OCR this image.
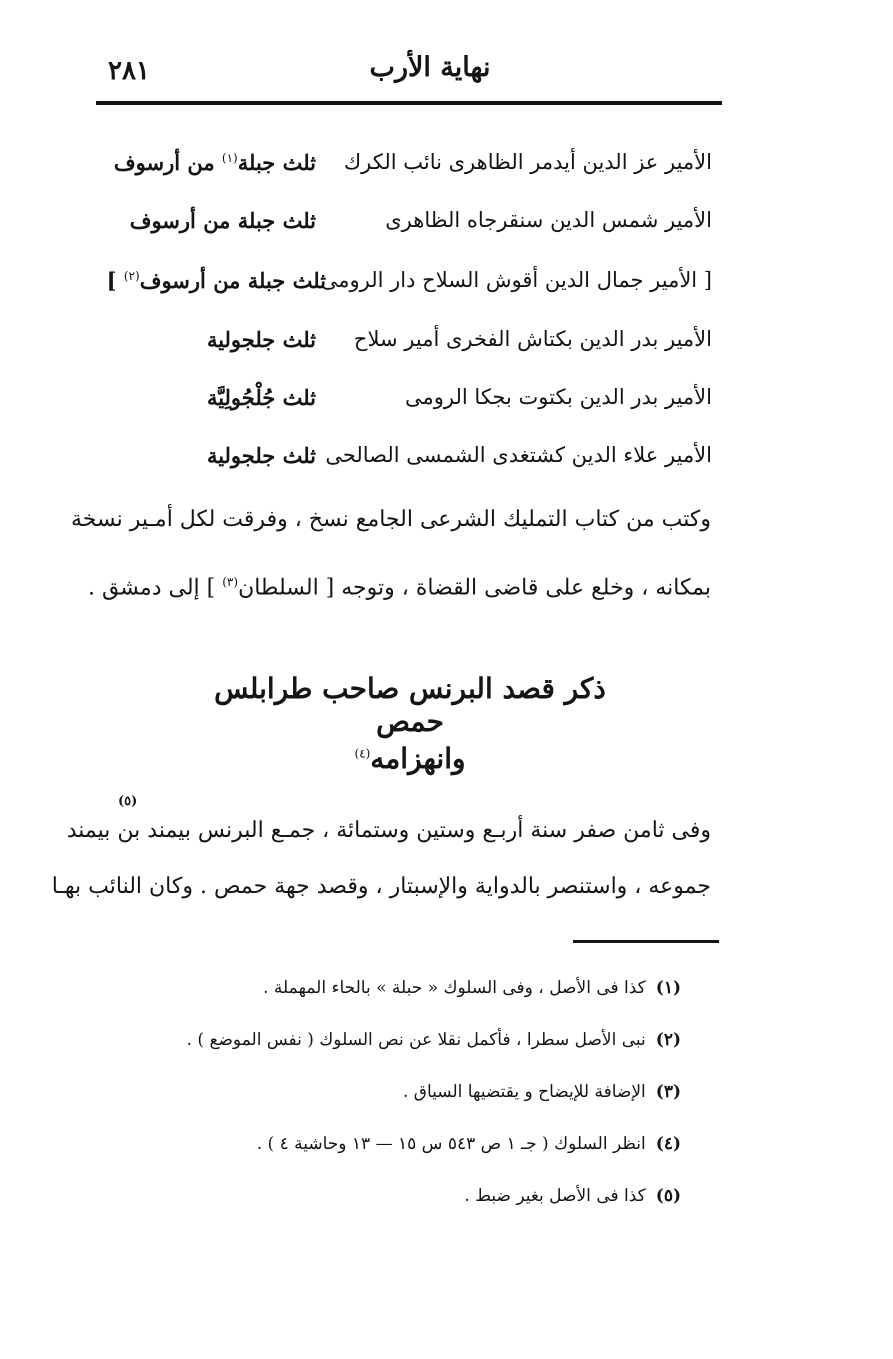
نهاية الأرب
٢٨١
الأمير عز الدين أيدمر الظاهرى نائب الكرك
ثلث جبلة$^{(١)}$ من أرسوف
الأمير شمس الدين سنقرجاه الظاهرى
ثلث جبلة من أرسوف
[ الأمير جمال الدين أقوش السلاح دار الرومى
ثلث جبلة من أرسوف$^{(٢)}$ ]
الأمير بدر الدين بكتاش الفخرى أمير سلاح
ثلث جلجولية
الأمير بدر الدين بكتوت بجكا الرومى
ثلث جُلْجُولِيَّة
الأمير علاء الدين كشتغدى الشمسى الصالحى
ثلث جلجولية
وكتب من كتاب التمليك الشرعى الجامع نسخ ، وفرقت لكل أمـير نسخة
بمكانه ، وخلع على قاضى القضاة ، وتوجه [ السلطان$^{(٣)}$ ] إلى دمشق .
ذكر قصد البرنس صاحب طرابلس حمص
وانهزامه$^{(٤)}$
(٥)
وفى ثامن صفر سنة أربـع وستين وستمائة ، جمـع البرنس بيمند بن بيمند
جموعه ، واستنصر بالدواية والإسبتار ، وقصد جهة حمص . وكان النائب بهـا
(١)كذا فى الأصل ، وفى السلوك « حبلة » بالحاء المهملة .
(٢)نبى الأصل سطرا ، فأكمل نقلا عن نص السلوك ( نفس الموضع ) .
(٣)الإضافة للإيضاح و يقتضيها السياق .
(٤)انظر السلوك ( جـ ١ ص ٥٤٣ س ١٥ — ١٣ وحاشية ٤ ) .
(٥)كذا فى الأصل بغير ضبط .
